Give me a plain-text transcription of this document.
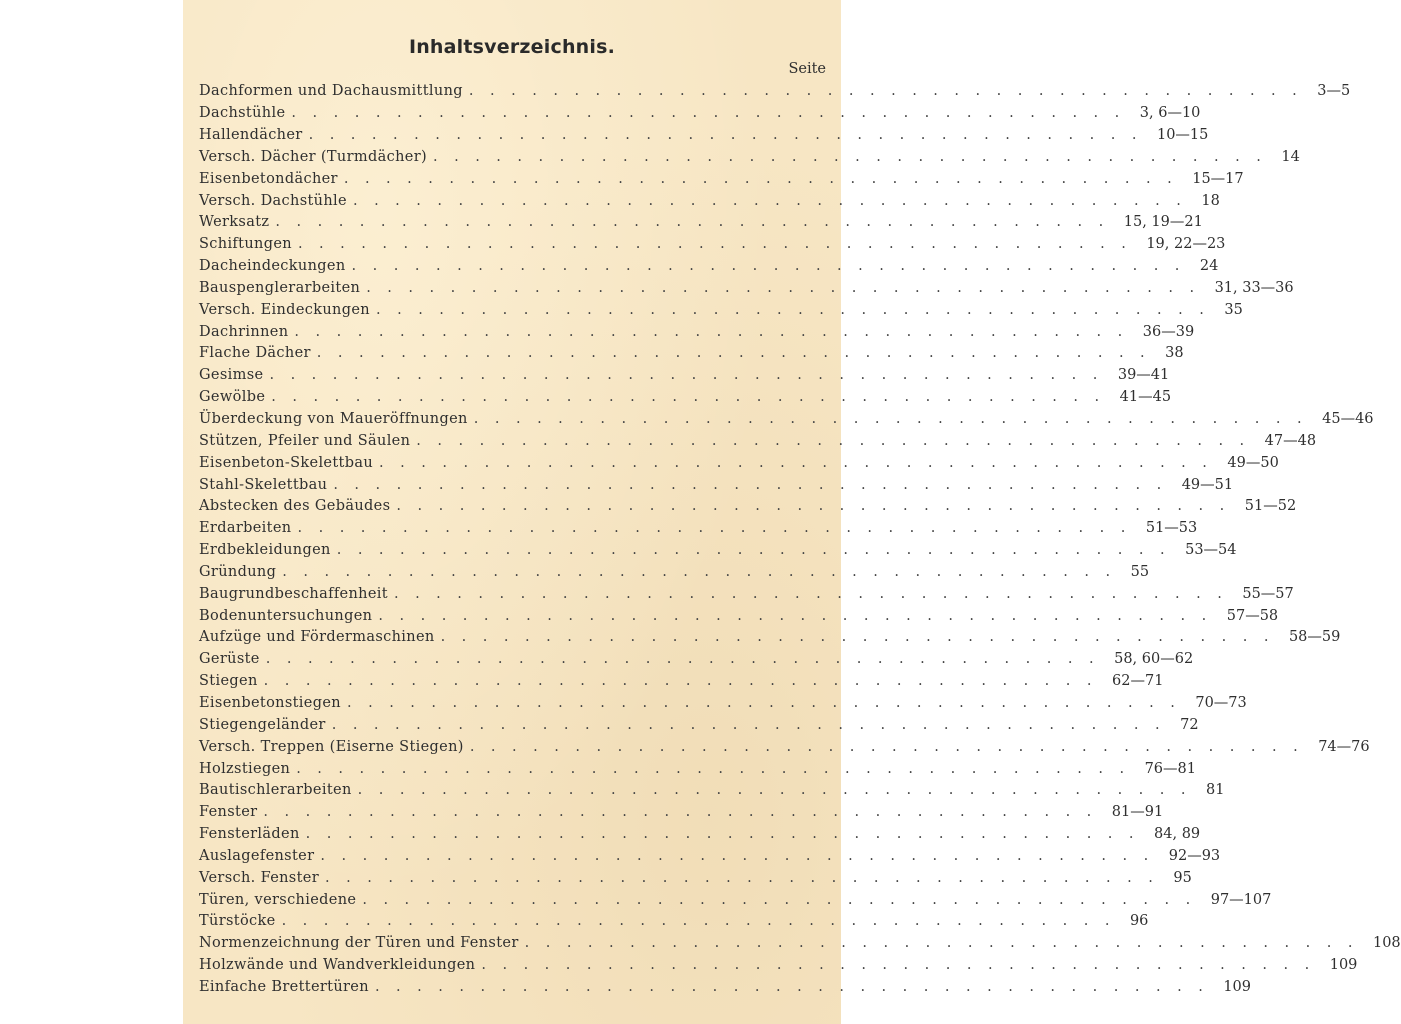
Inhaltsverzeichnis.
Seite
Dachformen und Dachausmittlung ........................................ 3—5
Dachstühle ........................................ 3, 6—10
Hallendächer ........................................ 10—15
Versch. Dächer (Turmdächer) ........................................ 14
Eisenbetondächer ........................................ 15—17
Versch. Dachstühle ........................................ 18
Werksatz ........................................ 15, 19—21
Schiftungen ........................................ 19, 22—23
Dacheindeckungen ........................................ 24
Bauspenglerarbeiten ........................................ 31, 33—36
Versch. Eindeckungen ........................................ 35
Dachrinnen ........................................ 36—39
Flache Dächer ........................................ 38
Gesimse ........................................ 39—41
Gewölbe ........................................ 41—45
Überdeckung von Maueröffnungen ........................................ 45—46
Stützen, Pfeiler und Säulen ........................................ 47—48
Eisenbeton-Skelettbau ........................................ 49—50
Stahl-Skelettbau ........................................ 49—51
Abstecken des Gebäudes ........................................ 51—52
Erdarbeiten ........................................ 51—53
Erdbekleidungen ........................................ 53—54
Gründung ........................................ 55
Baugrundbeschaffenheit ........................................ 55—57
Bodenuntersuchungen ........................................ 57—58
Aufzüge und Fördermaschinen ........................................ 58—59
Gerüste ........................................ 58, 60—62
Stiegen ........................................ 62—71
Eisenbetonstiegen ........................................ 70—73
Stiegengeländer ........................................ 72
Versch. Treppen (Eiserne Stiegen) ........................................ 74—76
Holzstiegen ........................................ 76—81
Bautischlerarbeiten ........................................ 81
Fenster ........................................ 81—91
Fensterläden ........................................ 84, 89
Auslagefenster ........................................ 92—93
Versch. Fenster ........................................ 95
Türen, verschiedene ........................................ 97—107
Türstöcke ........................................ 96
Normenzeichnung der Türen und Fenster ........................................ 108
Holzwände und Wandverkleidungen ........................................ 109
Einfache Brettertüren ........................................ 109
